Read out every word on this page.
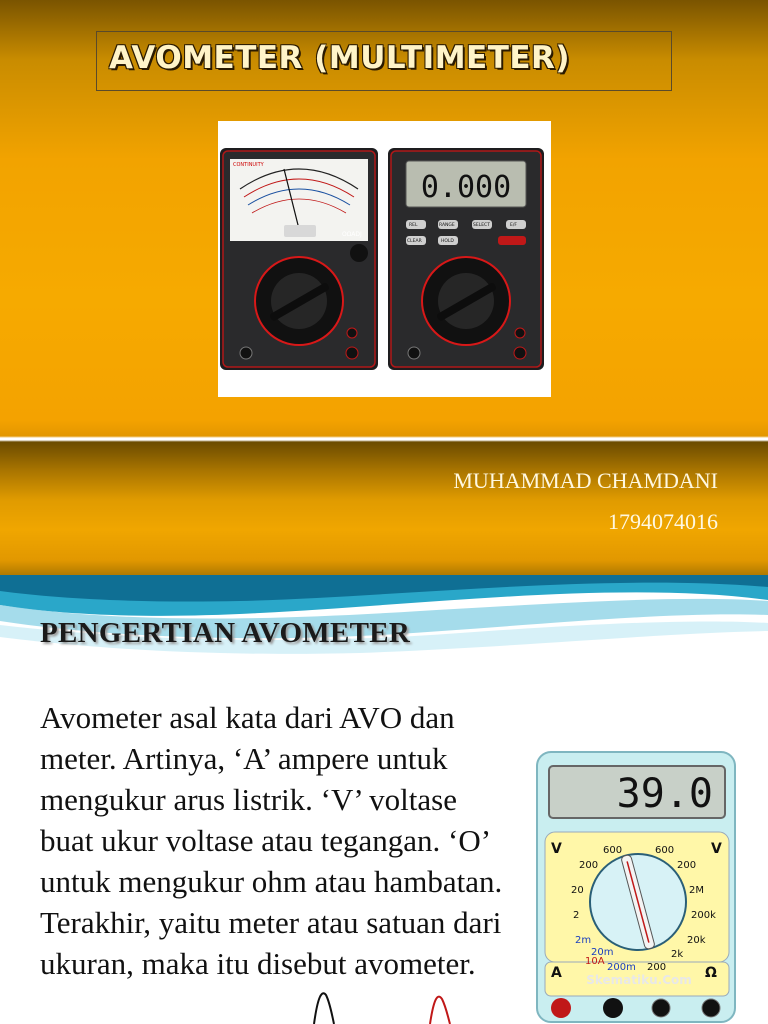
AVOMETER (MULTIMETER)
CONTINUITY
OΩADJ
0.000
REL	RANGE	SELECT	E/F
CLEAR	HOLD
MUHAMMAD CHAMDANI
1794074016
PENGERTIAN AVOMETER

Avometer asal kata dari AVO dan meter. Artinya, ‘A’ ampere untuk mengukur arus listrik. ‘V’ voltase buat ukur voltase atau tegangan. ‘O’ untuk mengukur ohm atau hambatan. Terakhir, yaitu meter atau satuan dari ukuran, maka itu disebut avometer.

39.0
V	V
A	Ω
600
200
20
2
2m
20m
10A
200m
600
200
2M
200k
20k
2k
200
Skematiku.Com
